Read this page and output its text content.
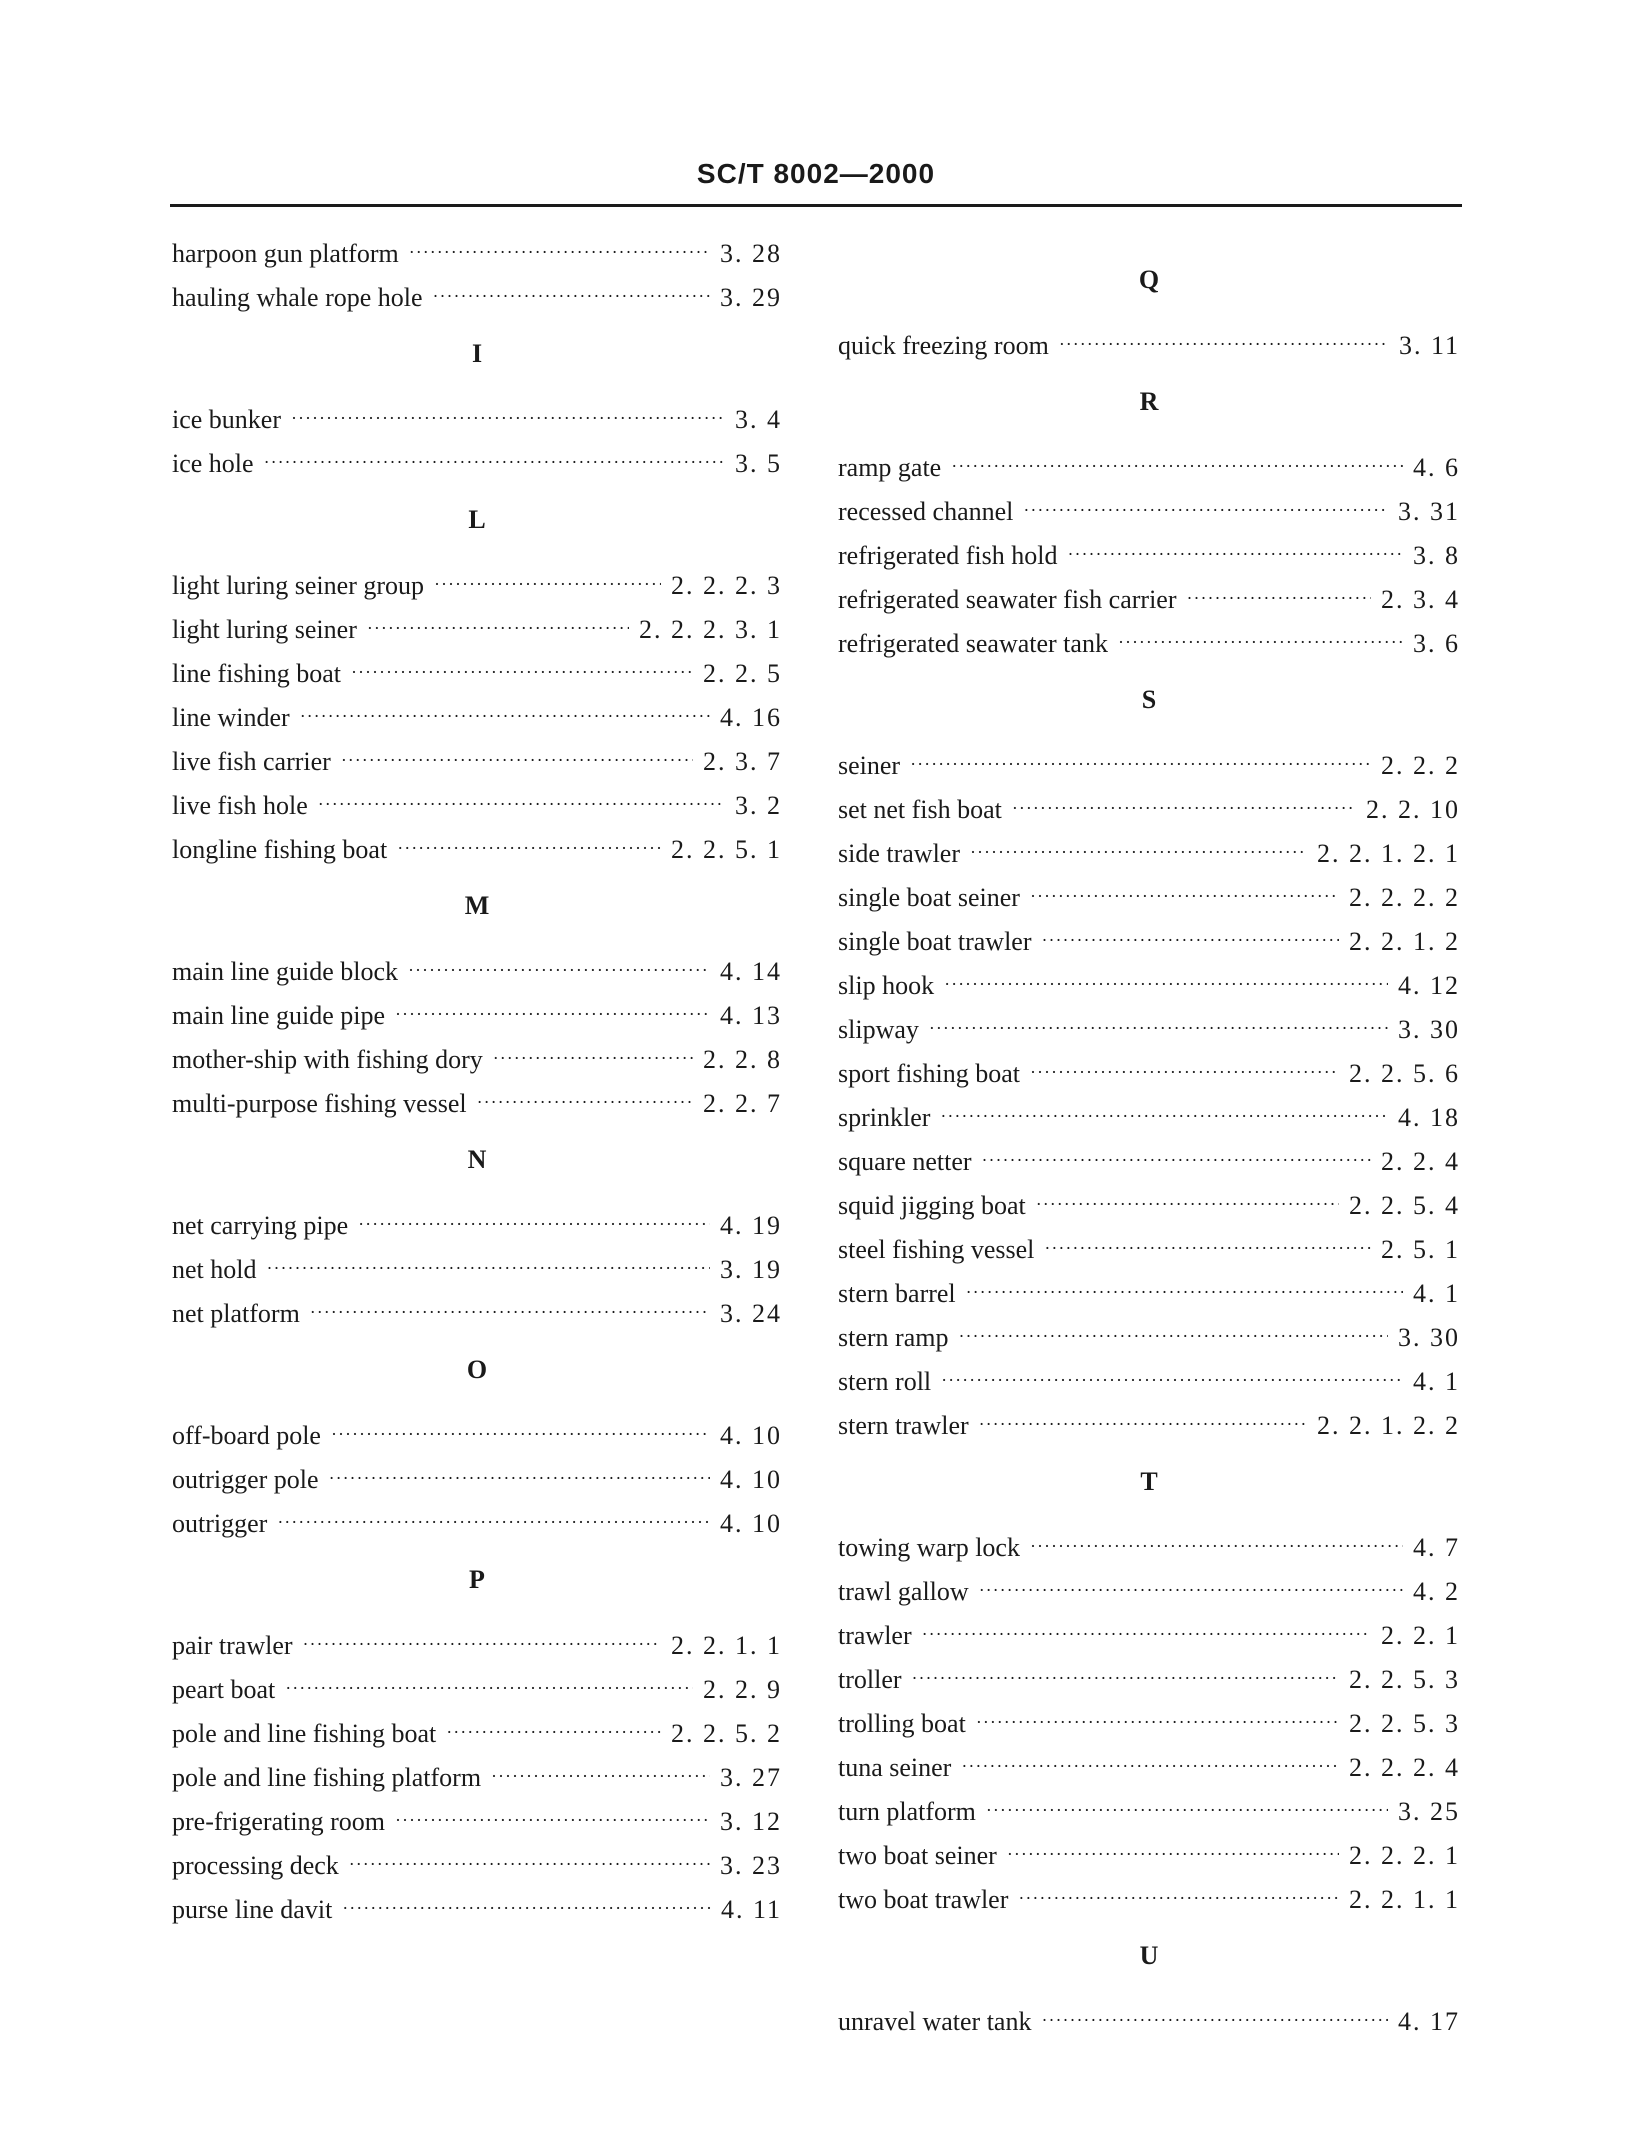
SC/T 8002—2000
harpoon gun platform ·····	3. 28
hauling whale rope hole ·····	3. 29
I
ice bunker ·····	3. 4
ice hole ·····	3. 5
L
light luring seiner group ·····	2. 2. 2. 3
light luring seiner ·····	2. 2. 2. 3. 1
line fishing boat ·····	2. 2. 5
line winder ·····	4. 16
live fish carrier ·····	2. 3. 7
live fish hole ·····	3. 2
longline fishing boat ·····	2. 2. 5. 1
M
main line guide block ·····	4. 14
main line guide pipe ·····	4. 13
mother-ship with fishing dory ·····	2. 2. 8
multi-purpose fishing vessel ·····	2. 2. 7
N
net carrying pipe ·····	4. 19
net hold ·····	3. 19
net platform ·····	3. 24
O
off-board pole ·····	4. 10
outrigger pole ·····	4. 10
outrigger ·····	4. 10
P
pair trawler ·····	2. 2. 1. 1
peart boat ·····	2. 2. 9
pole and line fishing boat ·····	2. 2. 5. 2
pole and line fishing platform ·····	3. 27
pre-frigerating room ·····	3. 12
processing deck ·····	3. 23
purse line davit ·····	4. 11
Q
quick freezing room ·····	3. 11
R
ramp gate ·····	4. 6
recessed channel ·····	3. 31
refrigerated fish hold ·····	3. 8
refrigerated seawater fish carrier ·····	2. 3. 4
refrigerated seawater tank ·····	3. 6
S
seiner ·····	2. 2. 2
set net fish boat ·····	2. 2. 10
side trawler ·····	2. 2. 1. 2. 1
single boat seiner ·····	2. 2. 2. 2
single boat trawler ·····	2. 2. 1. 2
slip hook ·····	4. 12
slipway ·····	3. 30
sport fishing boat ·····	2. 2. 5. 6
sprinkler ·····	4. 18
square netter ·····	2. 2. 4
squid jigging boat ·····	2. 2. 5. 4
steel fishing vessel ·····	2. 5. 1
stern barrel ·····	4. 1
stern ramp ·····	3. 30
stern roll ·····	4. 1
stern trawler ·····	2. 2. 1. 2. 2
T
towing warp lock ·····	4. 7
trawl gallow ·····	4. 2
trawler ·····	2. 2. 1
troller ·····	2. 2. 5. 3
trolling boat ·····	2. 2. 5. 3
tuna seiner ·····	2. 2. 2. 4
turn platform ·····	3. 25
two boat seiner ·····	2. 2. 2. 1
two boat trawler ·····	2. 2. 1. 1
U
unravel water tank ·····	4. 17
